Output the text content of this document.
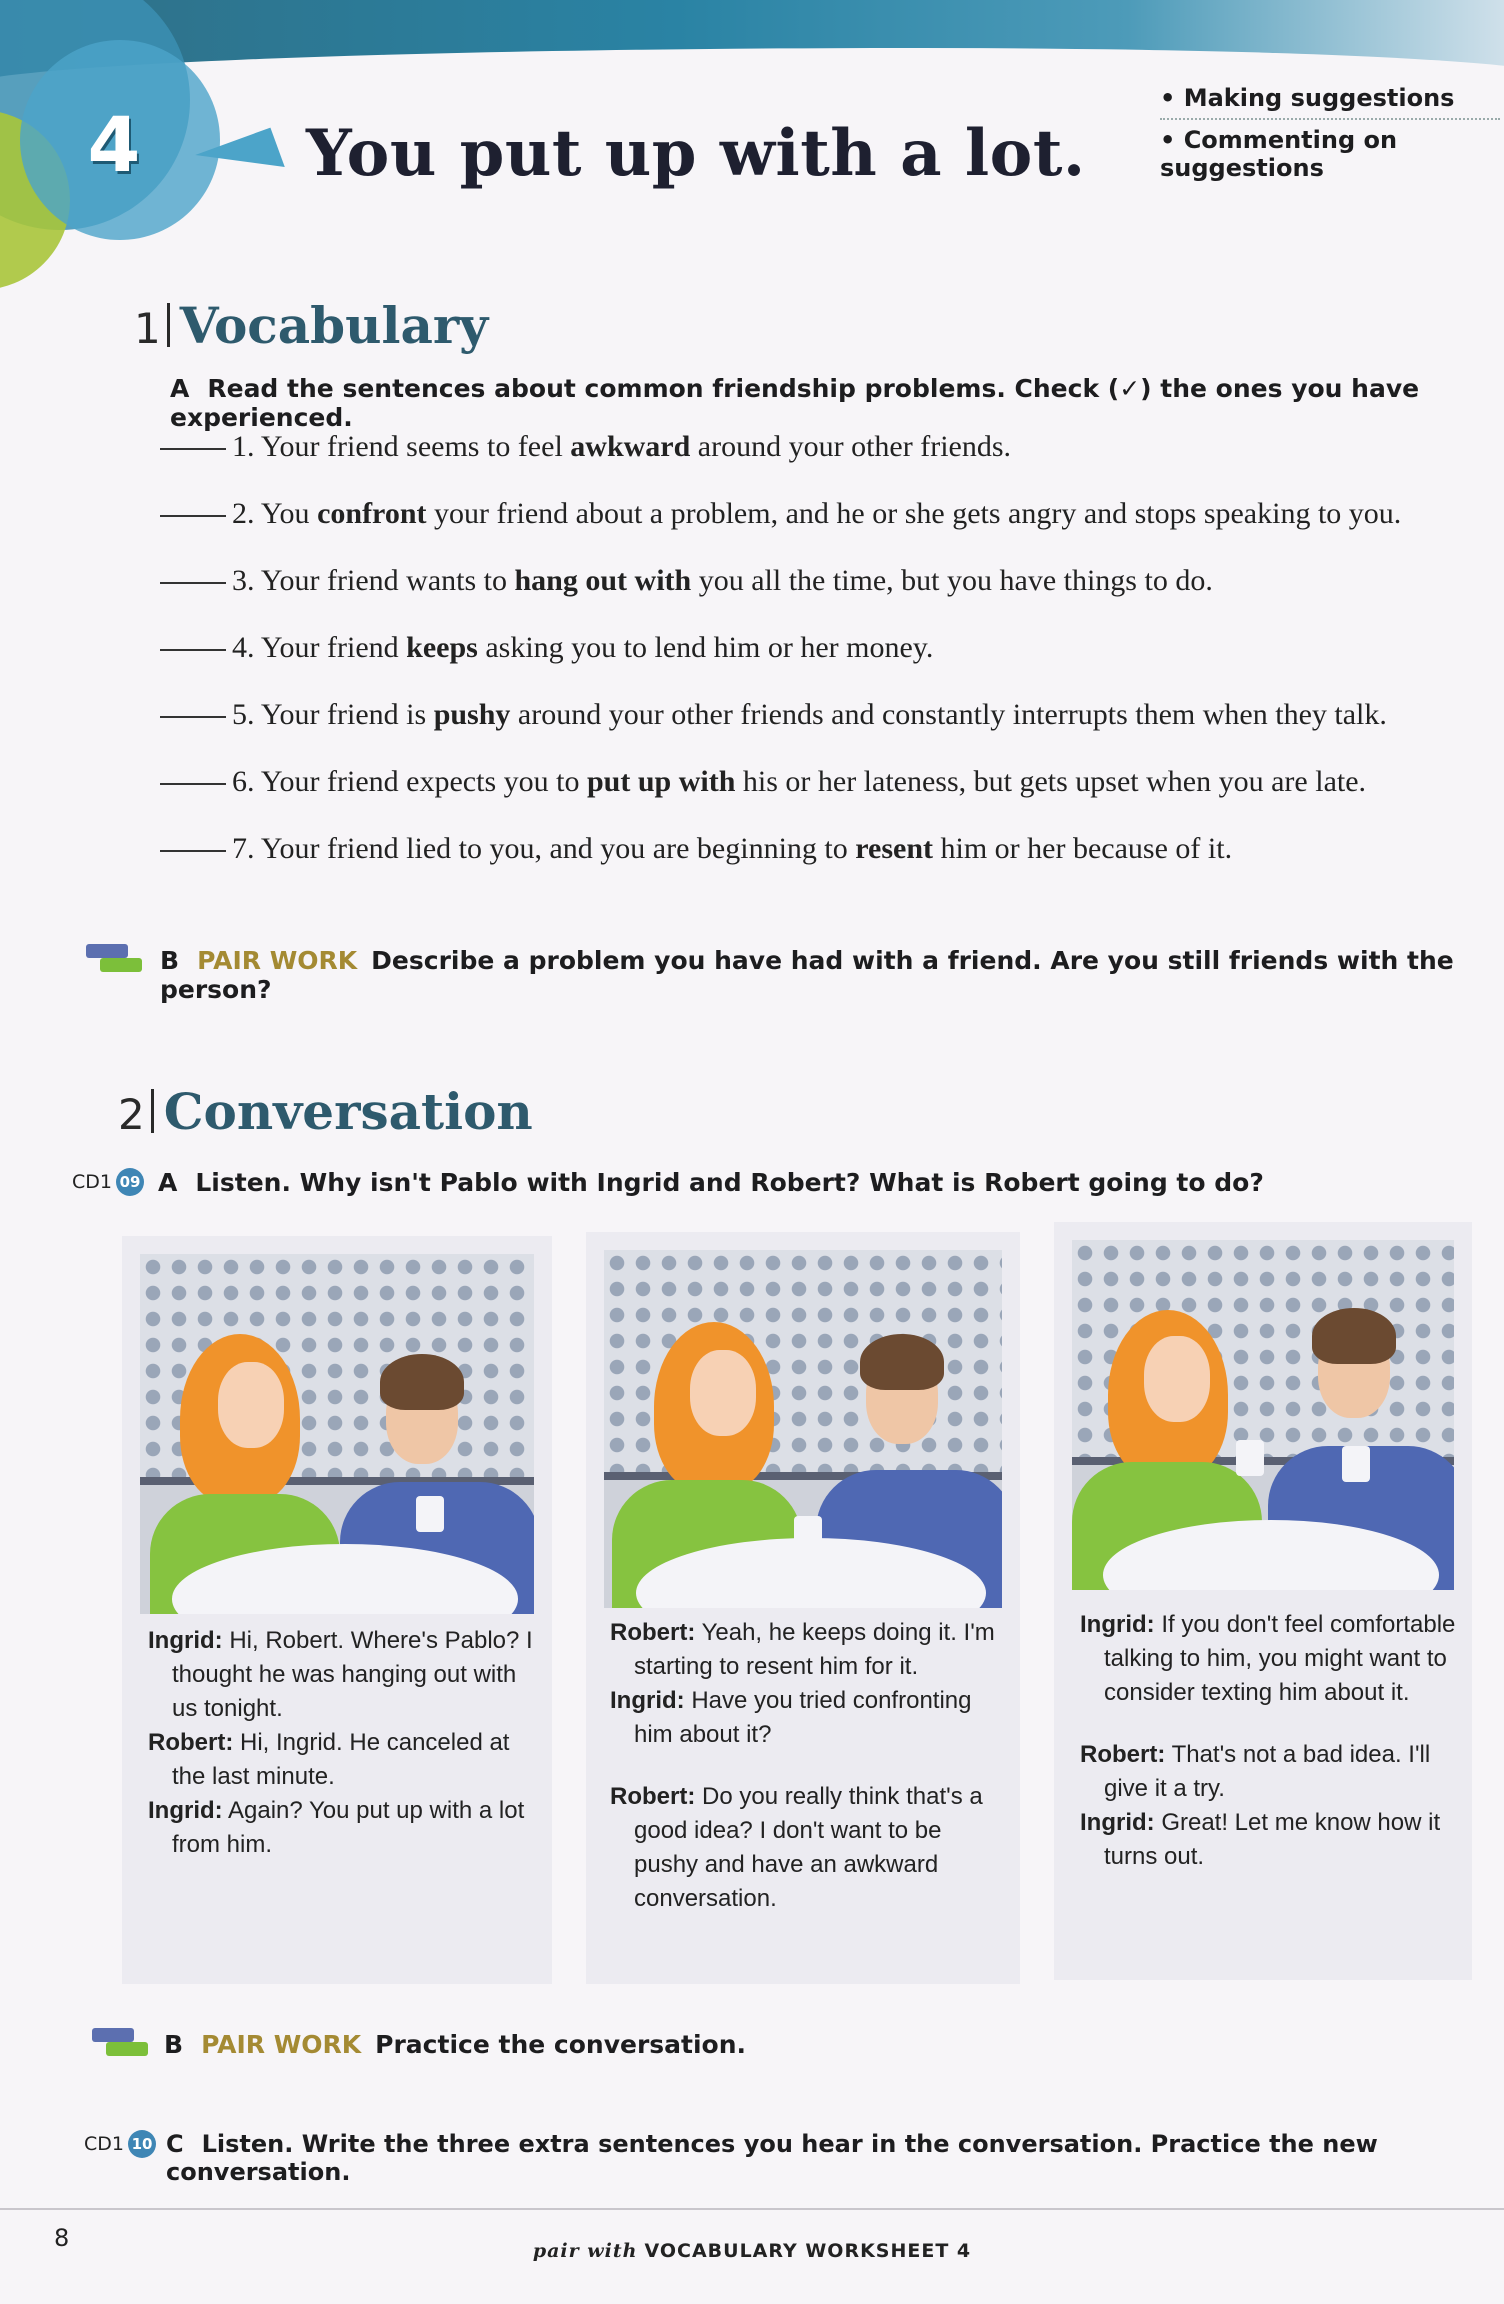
4	You put up with a lot.
• Making suggestions
• Commenting on suggestions
1 Vocabulary
A Read the sentences about common friendship problems. Check (✓) the ones you have experienced.
1. Your friend seems to feel awkward around your other friends.
2. You confront your friend about a problem, and he or she gets angry and stops speaking to you.
3. Your friend wants to hang out with you all the time, but you have things to do.
4. Your friend keeps asking you to lend him or her money.
5. Your friend is pushy around your other friends and constantly interrupts them when they talk.
6. Your friend expects you to put up with his or her lateness, but gets upset when you are late.
7. Your friend lied to you, and you are beginning to resent him or her because of it.
B PAIR WORK Describe a problem you have had with a friend. Are you still friends with the person?
2 Conversation
CD1 09 A Listen. Why isn't Pablo with Ingrid and Robert? What is Robert going to do?
Ingrid: Hi, Robert. Where's Pablo? I thought he was hanging out with us tonight.
Robert: Hi, Ingrid. He canceled at the last minute.
Ingrid: Again? You put up with a lot from him.
Robert: Yeah, he keeps doing it. I'm starting to resent him for it.
Ingrid: Have you tried confronting him about it?
Robert: Do you really think that's a good idea? I don't want to be pushy and have an awkward conversation.
Ingrid: If you don't feel comfortable talking to him, you might want to consider texting him about it.
Robert: That's not a bad idea. I'll give it a try.
Ingrid: Great! Let me know how it turns out.
B PAIR WORK Practice the conversation.
CD1 10 C Listen. Write the three extra sentences you hear in the conversation. Practice the new conversation.
8	pair with VOCABULARY WORKSHEET 4
